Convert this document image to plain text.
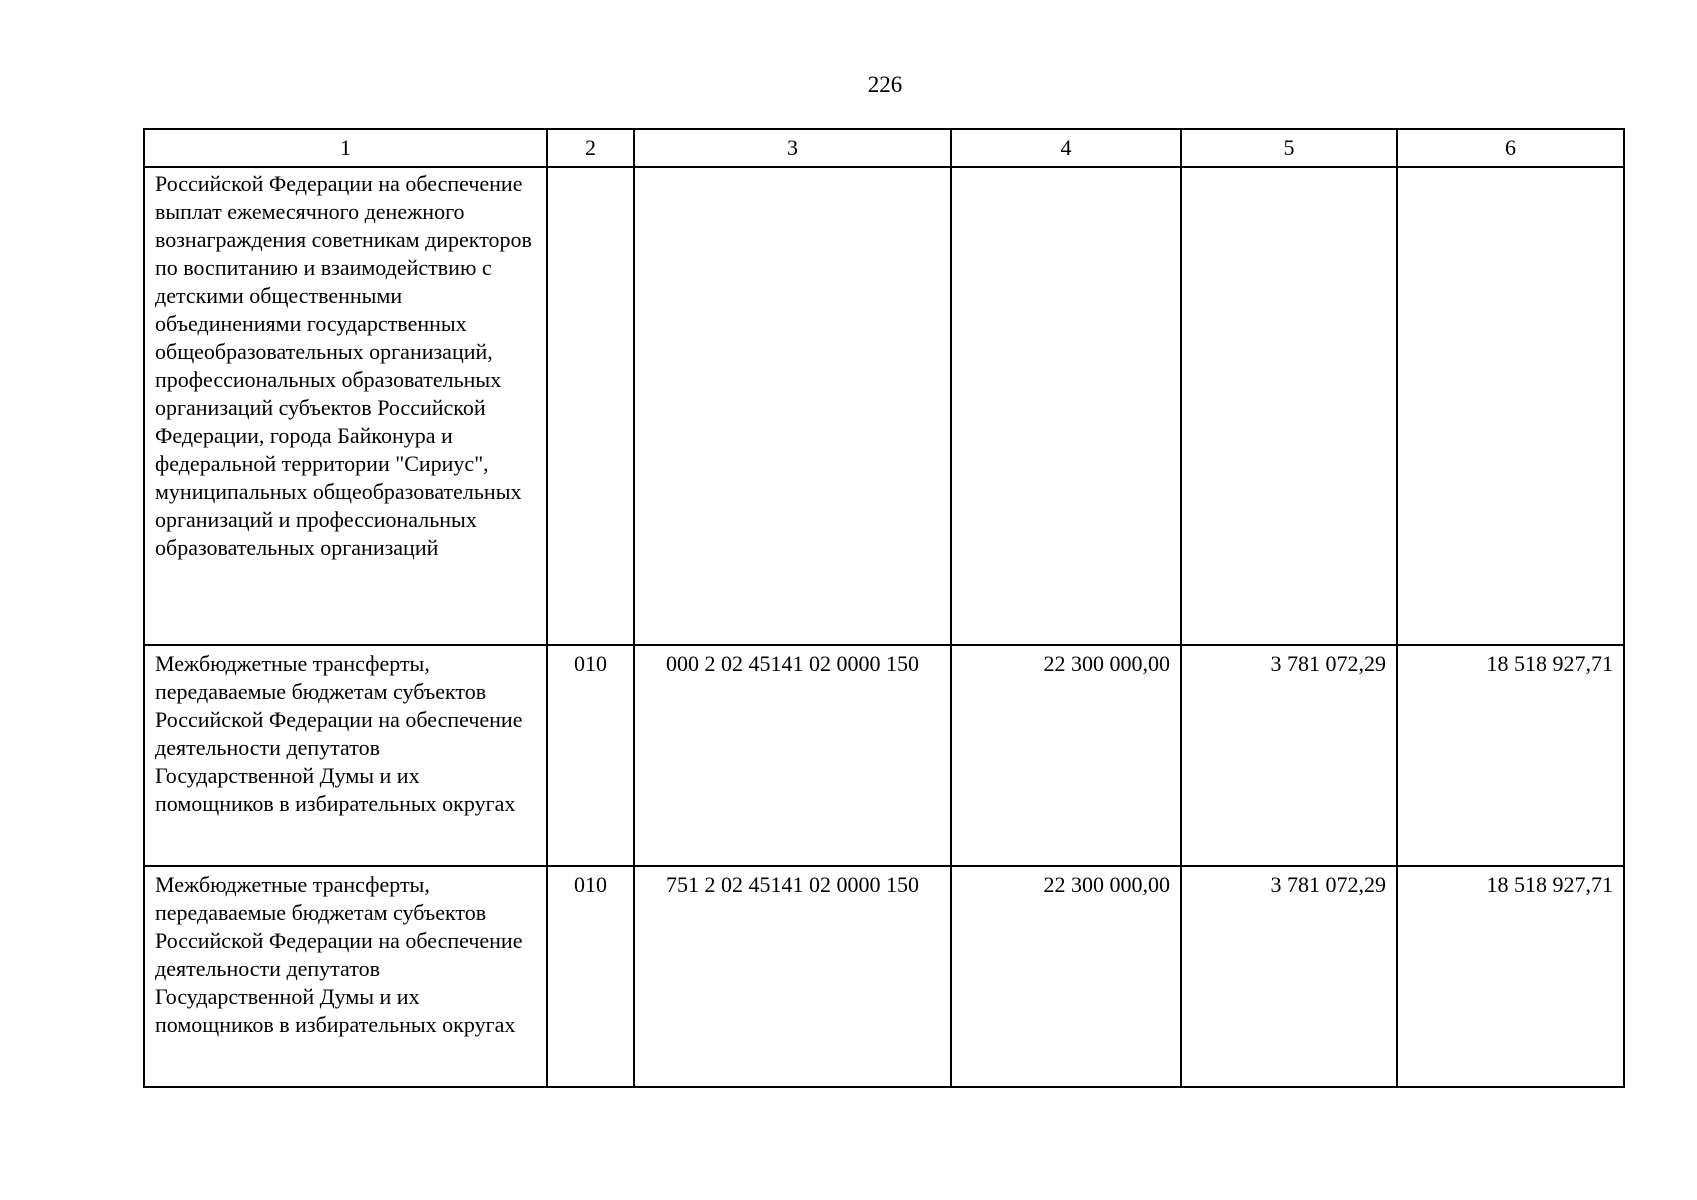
226
1	2	3	4	5	6
Российской Федерации на обеспечение выплат ежемесячного денежного вознаграждения советникам директоров по воспитанию и взаимодействию с детскими общественными объединениями государственных общеобразовательных организаций, профессиональных образовательных организаций субъектов Российской Федерации, города Байконура и федеральной территории "Сириус", муниципальных общеобразовательных организаций и профессиональных образовательных организаций					
Межбюджетные трансферты, передаваемые бюджетам субъектов Российской Федерации на обеспечение деятельности депутатов Государственной Думы и их помощников в избирательных округах	010	000 2 02 45141 02 0000 150	22 300 000,00	3 781 072,29	18 518 927,71
Межбюджетные трансферты, передаваемые бюджетам субъектов Российской Федерации на обеспечение деятельности депутатов Государственной Думы и их помощников в избирательных округах	010	751 2 02 45141 02 0000 150	22 300 000,00	3 781 072,29	18 518 927,71
